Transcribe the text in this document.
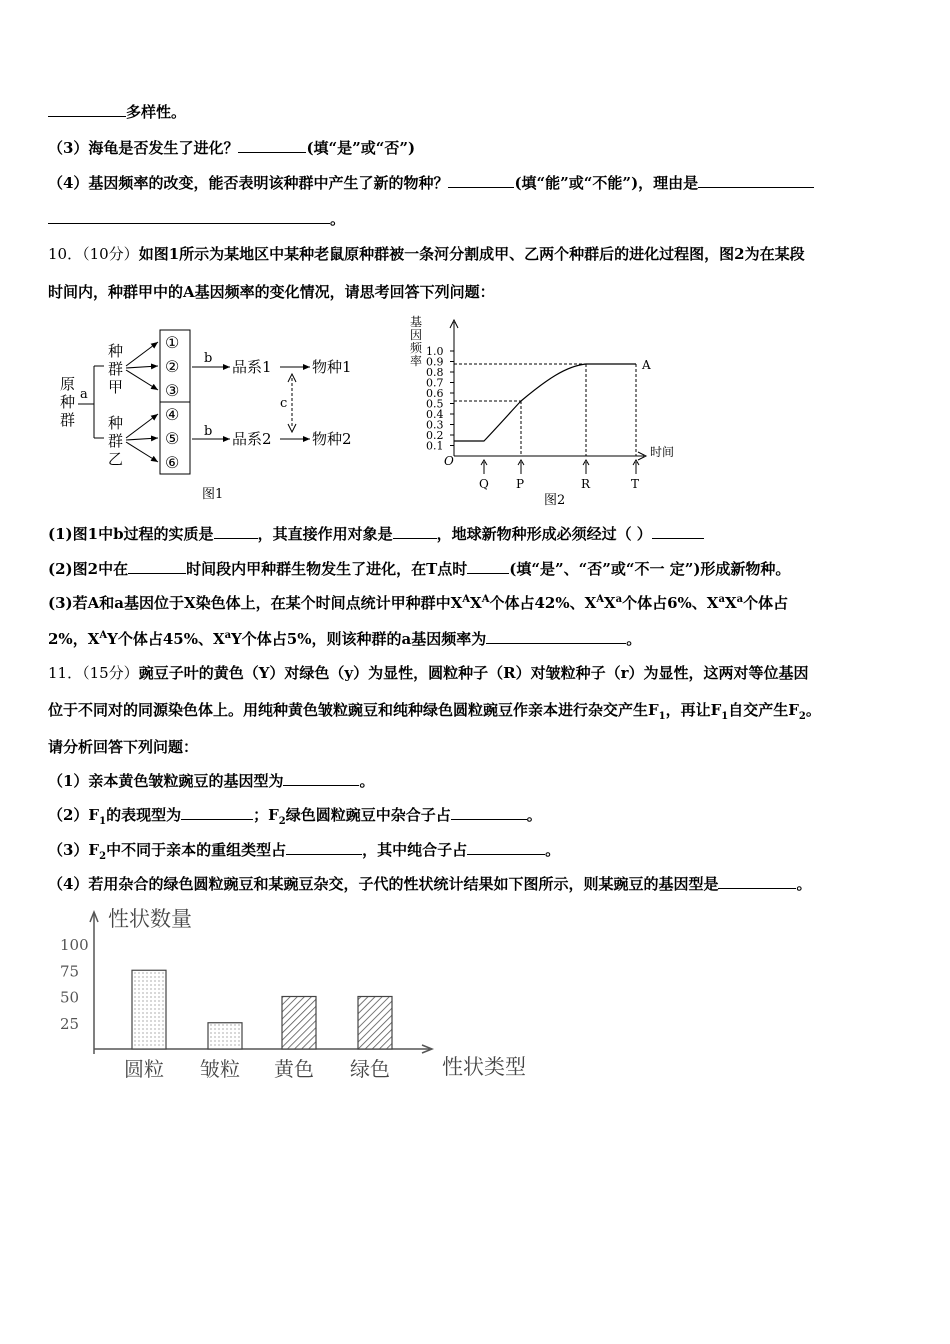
多样性。
（3）海龟是否发生了进化？	(填“是”或“否”)
（4）基因频率的改变，能否表明该种群中产生了新的物种？	(填“能”或“不能”)，理由是
。
10．（10分）如图1所示为某地区中某种老鼠原种群被一条河分割成甲、乙两个种群后的进化过程图，图2为在某段
时间内，种群甲中的A基因频率的变化情况，请思考回答下列问题：
原
种
群
a
种
群
甲
种
群
乙
①
②
③
④
⑤
⑥
b
b
品系1
品系2
物种1
物种2
c
图1
基
因
频
率
0.1
0.2
0.3
0.4
0.5
0.6
0.7
0.8
0.9
1.0
A
O
时间
Q P	R	T
图2
(1)图1中b过程的实质是	，其直接作用对象是	，地球新物种形成必须经过（ ）
(2)图2中在	时间段内甲种群生物发生了进化，在T点时	(填“是”、“否”或“不一 定”)形成新物种。
(3)若A和a基因位于X染色体上，在某个时间点统计甲种群中$X^AX^A$个体占42%、$X^AX^a$个体占6%、$X^aX^a$个体占
2%，$X^AY$个体占45%、$X^aY$个体占5%，则该种群的a基因频率为	。
11．（15分）豌豆子叶的黄色（Y）对绿色（y）为显性，圆粒种子（R）对皱粒种子（r）为显性，这两对等位基因
位于不同对的同源染色体上。用纯种黄色皱粒豌豆和纯种绿色圆粒豌豆作亲本进行杂交产生$F_1$，再让$F_1$自交产生$F_2$。
请分析回答下列问题：
（1）亲本黄色皱粒豌豆的基因型为	。
$(2)F_1$的表现型为	；$F_2$绿色圆粒豌豆中杂合子占	。
$(3)F_2$中不同于亲本的重组类型占	，其中纯合子占	。
（4）若用杂合的绿色圆粒豌豆和某豌豆杂交，子代的性状统计结果如下图所示，则某豌豆的基因型是	。
性状数量
性状类型
100
75
50
25
圆粒 皱粒 黄色 绿色
